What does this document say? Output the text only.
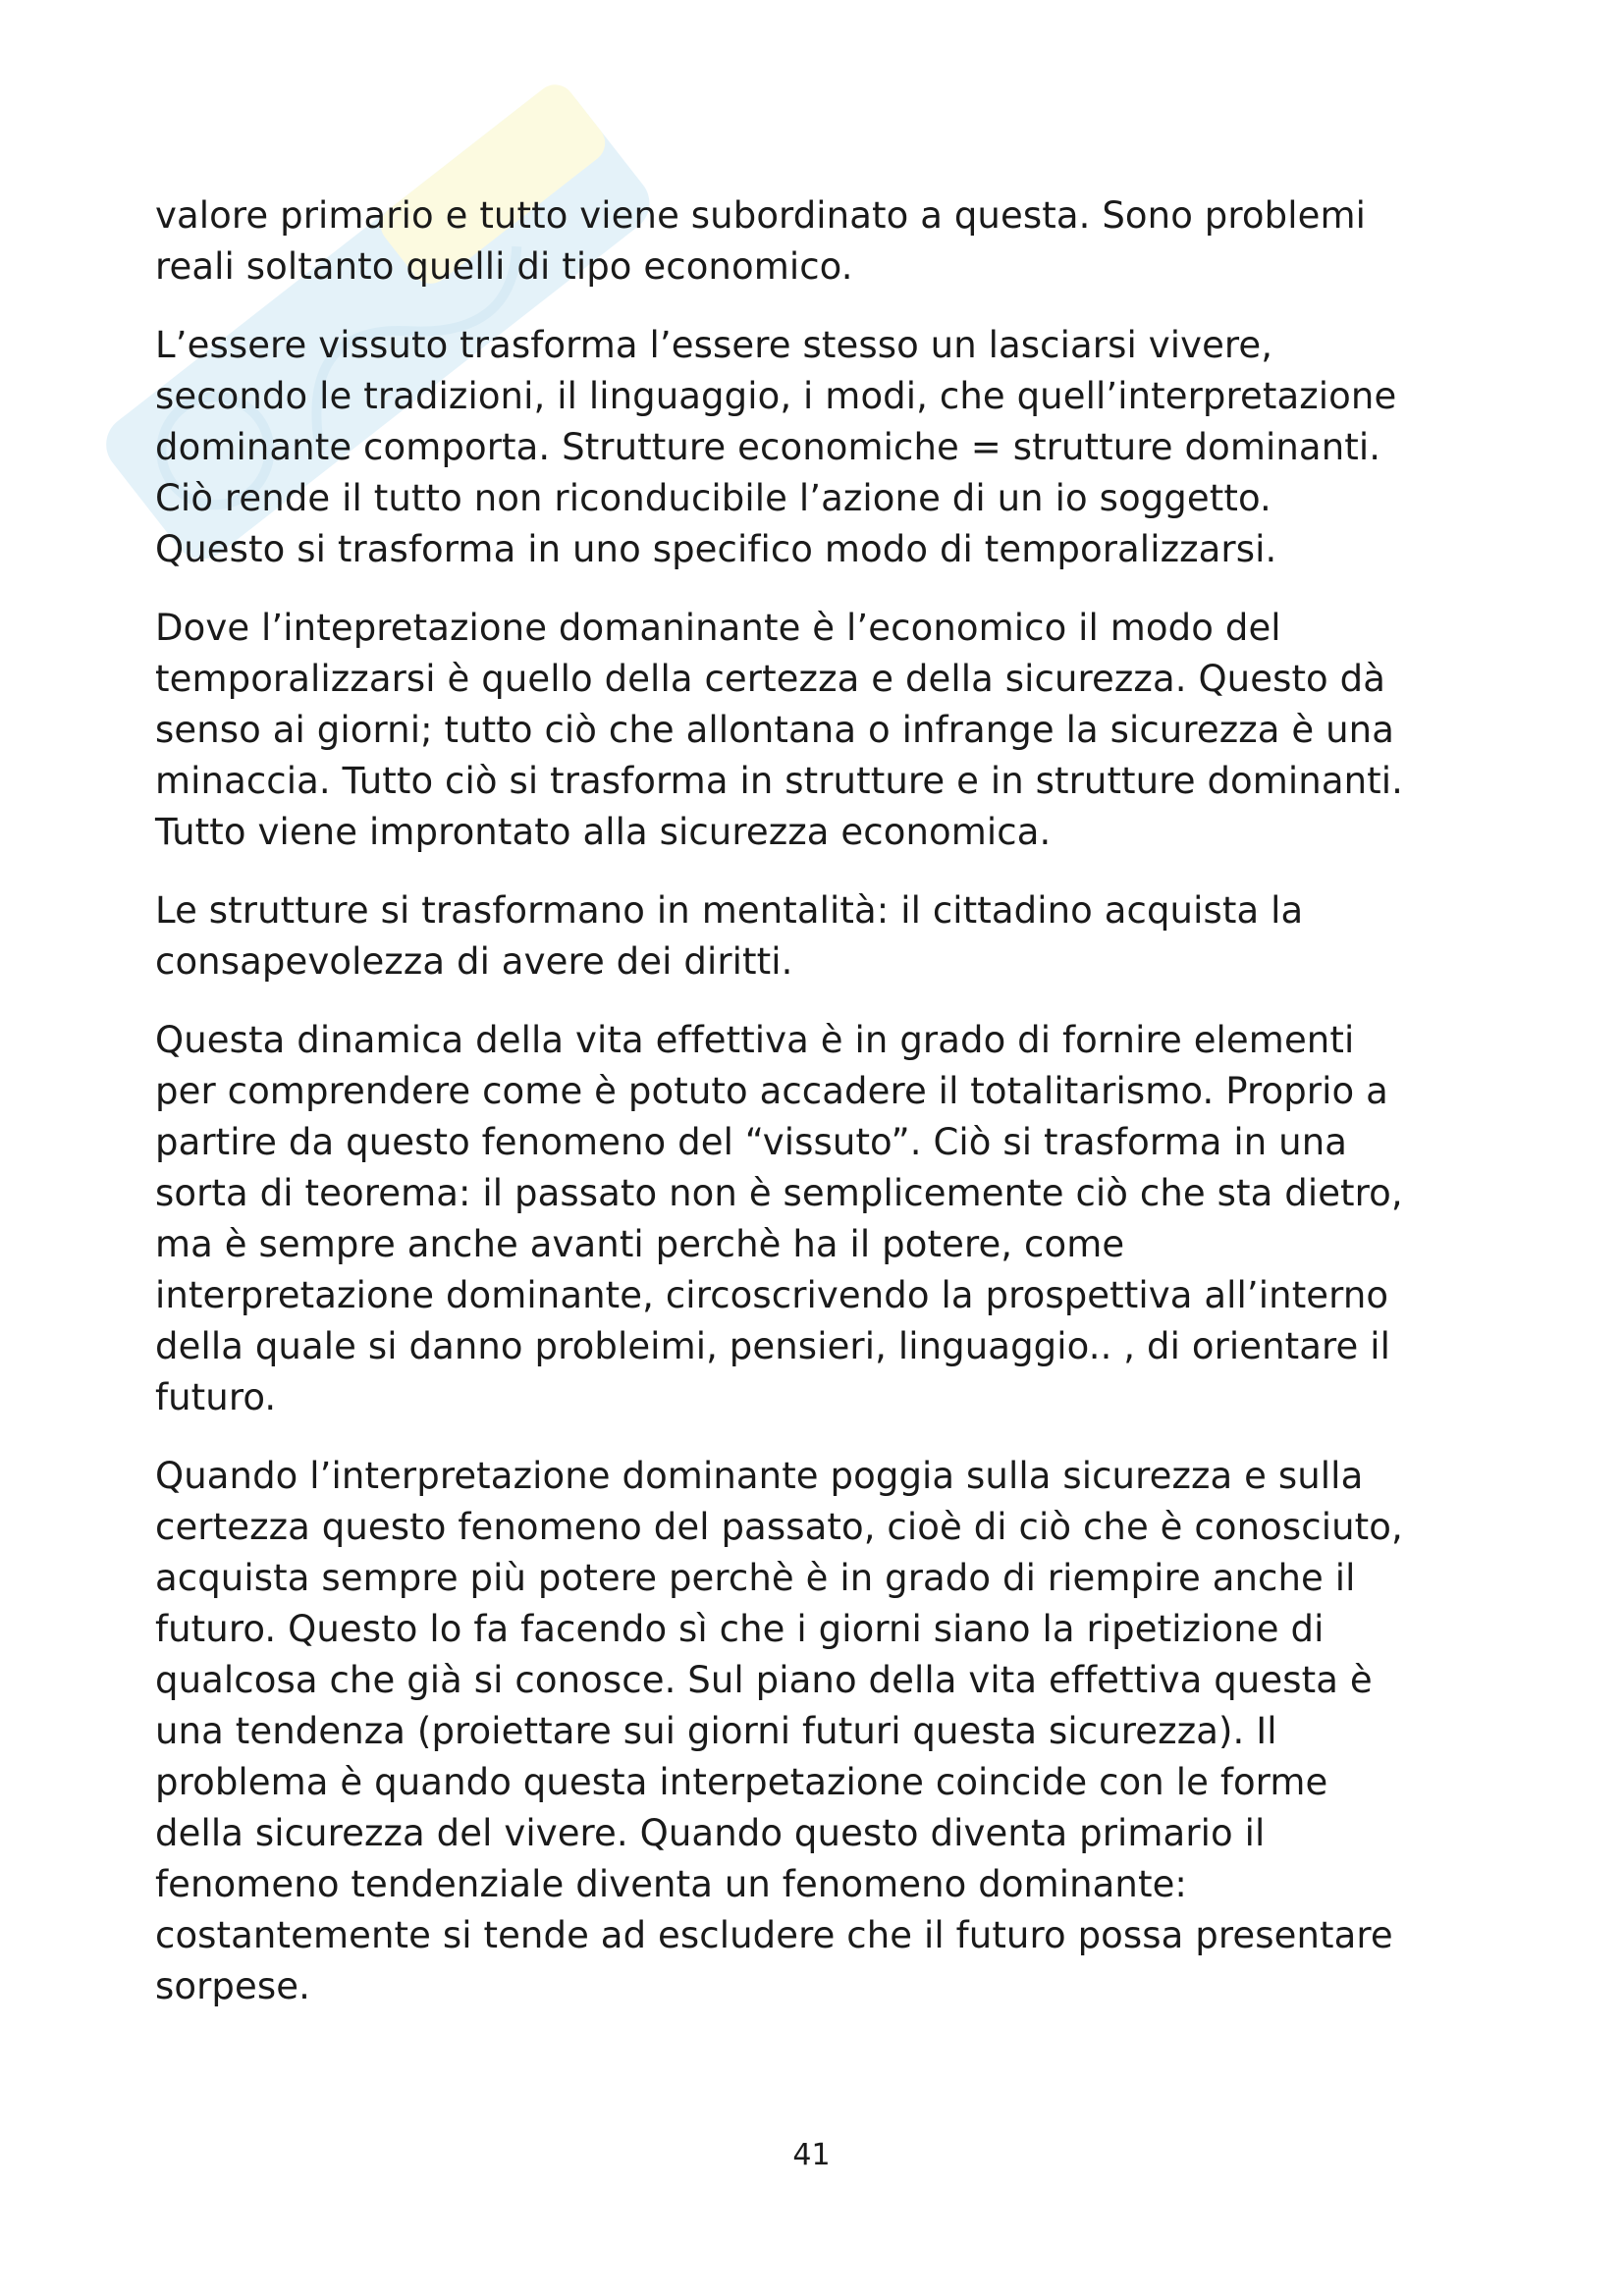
valore primario e tutto viene subordinato a questa. Sono problemi
reali soltanto quelli di tipo economico.

L’essere vissuto trasforma l’essere stesso un lasciarsi vivere,
secondo le tradizioni, il linguaggio, i modi, che quell’interpretazione
dominante comporta. Strutture economiche = strutture dominanti.
Ciò rende il tutto non riconducibile l’azione di un io soggetto.
Questo si trasforma in uno specifico modo di temporalizzarsi.

Dove l’intepretazione domaninante è l’economico il modo del
temporalizzarsi è quello della certezza e della sicurezza. Questo dà
senso ai giorni; tutto ciò che allontana o infrange la sicurezza è una
minaccia. Tutto ciò si trasforma in strutture e in strutture dominanti.
Tutto viene improntato alla sicurezza economica.

Le strutture si trasformano in mentalità: il cittadino acquista la
consapevolezza di avere dei diritti.

Questa dinamica della vita effettiva è in grado di fornire elementi
per comprendere come è potuto accadere il totalitarismo. Proprio a
partire da questo fenomeno del “vissuto”. Ciò si trasforma in una
sorta di teorema: il passato non è semplicemente ciò che sta dietro,
ma è sempre anche avanti perchè ha il potere, come
interpretazione dominante, circoscrivendo la prospettiva all’interno
della quale si danno probleimi, pensieri, linguaggio.. , di orientare il
futuro.

Quando l’interpretazione dominante poggia sulla sicurezza e sulla
certezza questo fenomeno del passato, cioè di ciò che è conosciuto,
acquista sempre più potere perchè è in grado di riempire anche il
futuro. Questo lo fa facendo sì che i giorni siano la ripetizione di
qualcosa che già si conosce. Sul piano della vita effettiva questa è
una tendenza (proiettare sui giorni futuri questa sicurezza). Il
problema è quando questa interpetazione coincide con le forme
della sicurezza del vivere. Quando questo diventa primario il
fenomeno tendenziale diventa un fenomeno dominante:
costantemente si tende ad escludere che il futuro possa presentare
sorpese.

41
